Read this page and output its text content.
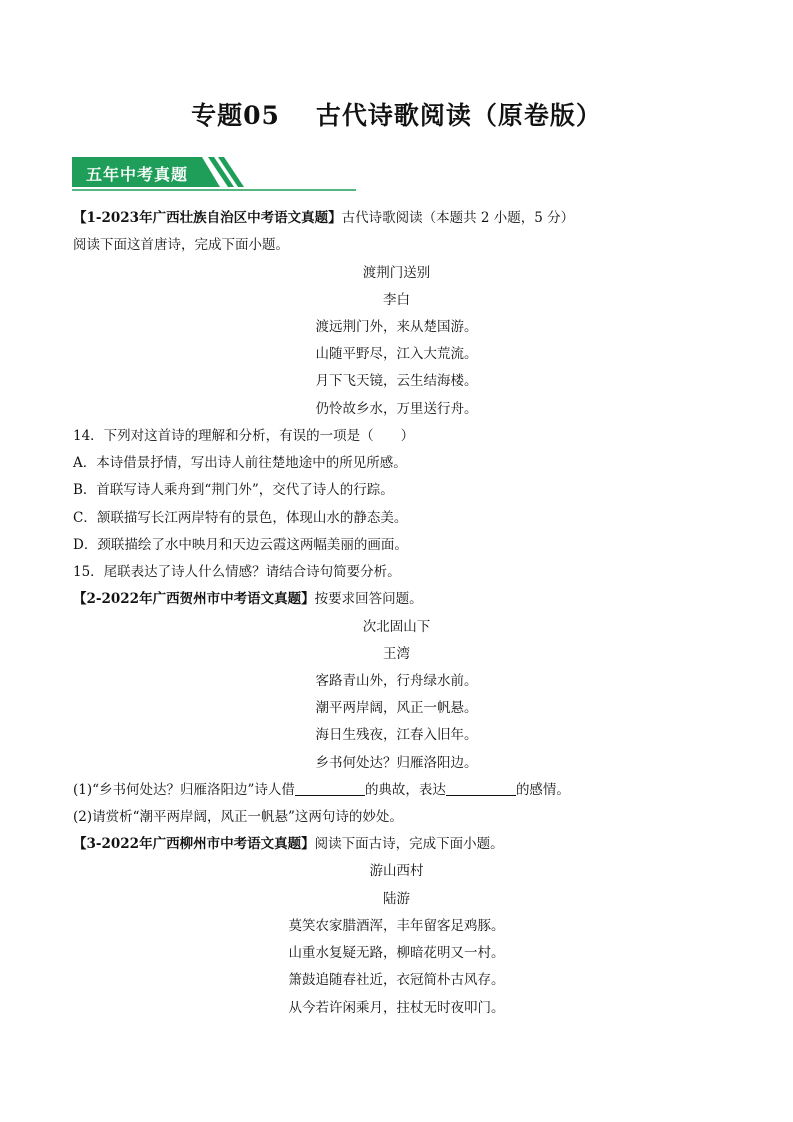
专题05 古代诗歌阅读（原卷版）
五年中考真题
【1-2023年广西壮族自治区中考语文真题】古代诗歌阅读（本题共 2 小题，5 分）
阅读下面这首唐诗，完成下面小题。
渡荆门送别
李白
渡远荆门外，来从楚国游。
山随平野尽，江入大荒流。
月下飞天镜，云生结海楼。
仍怜故乡水，万里送行舟。
14．下列对这首诗的理解和分析，有误的一项是（　　）
A．本诗借景抒情，写出诗人前往楚地途中的所见所感。
B．首联写诗人乘舟到“荆门外”，交代了诗人的行踪。
C．颔联描写长江两岸特有的景色，体现山水的静态美。
D．颈联描绘了水中映月和天边云霞这两幅美丽的画面。
15．尾联表达了诗人什么情感？请结合诗句简要分析。
【2-2022年广西贺州市中考语文真题】按要求回答问题。
次北固山下
王湾
客路青山外，行舟绿水前。
潮平两岸阔，风正一帆悬。
海日生残夜，江春入旧年。
乡书何处达？归雁洛阳边。
(1)“乡书何处达？归雁洛阳边”诗人借	的典故，表达	的感情。
(2)请赏析“潮平两岸阔，风正一帆悬”这两句诗的妙处。
【3-2022年广西柳州市中考语文真题】阅读下面古诗，完成下面小题。
游山西村
陆游
莫笑农家腊酒浑，丰年留客足鸡豚。
山重水复疑无路，柳暗花明又一村。
箫鼓追随春社近，衣冠简朴古风存。
从今若许闲乘月，拄杖无时夜叩门。
